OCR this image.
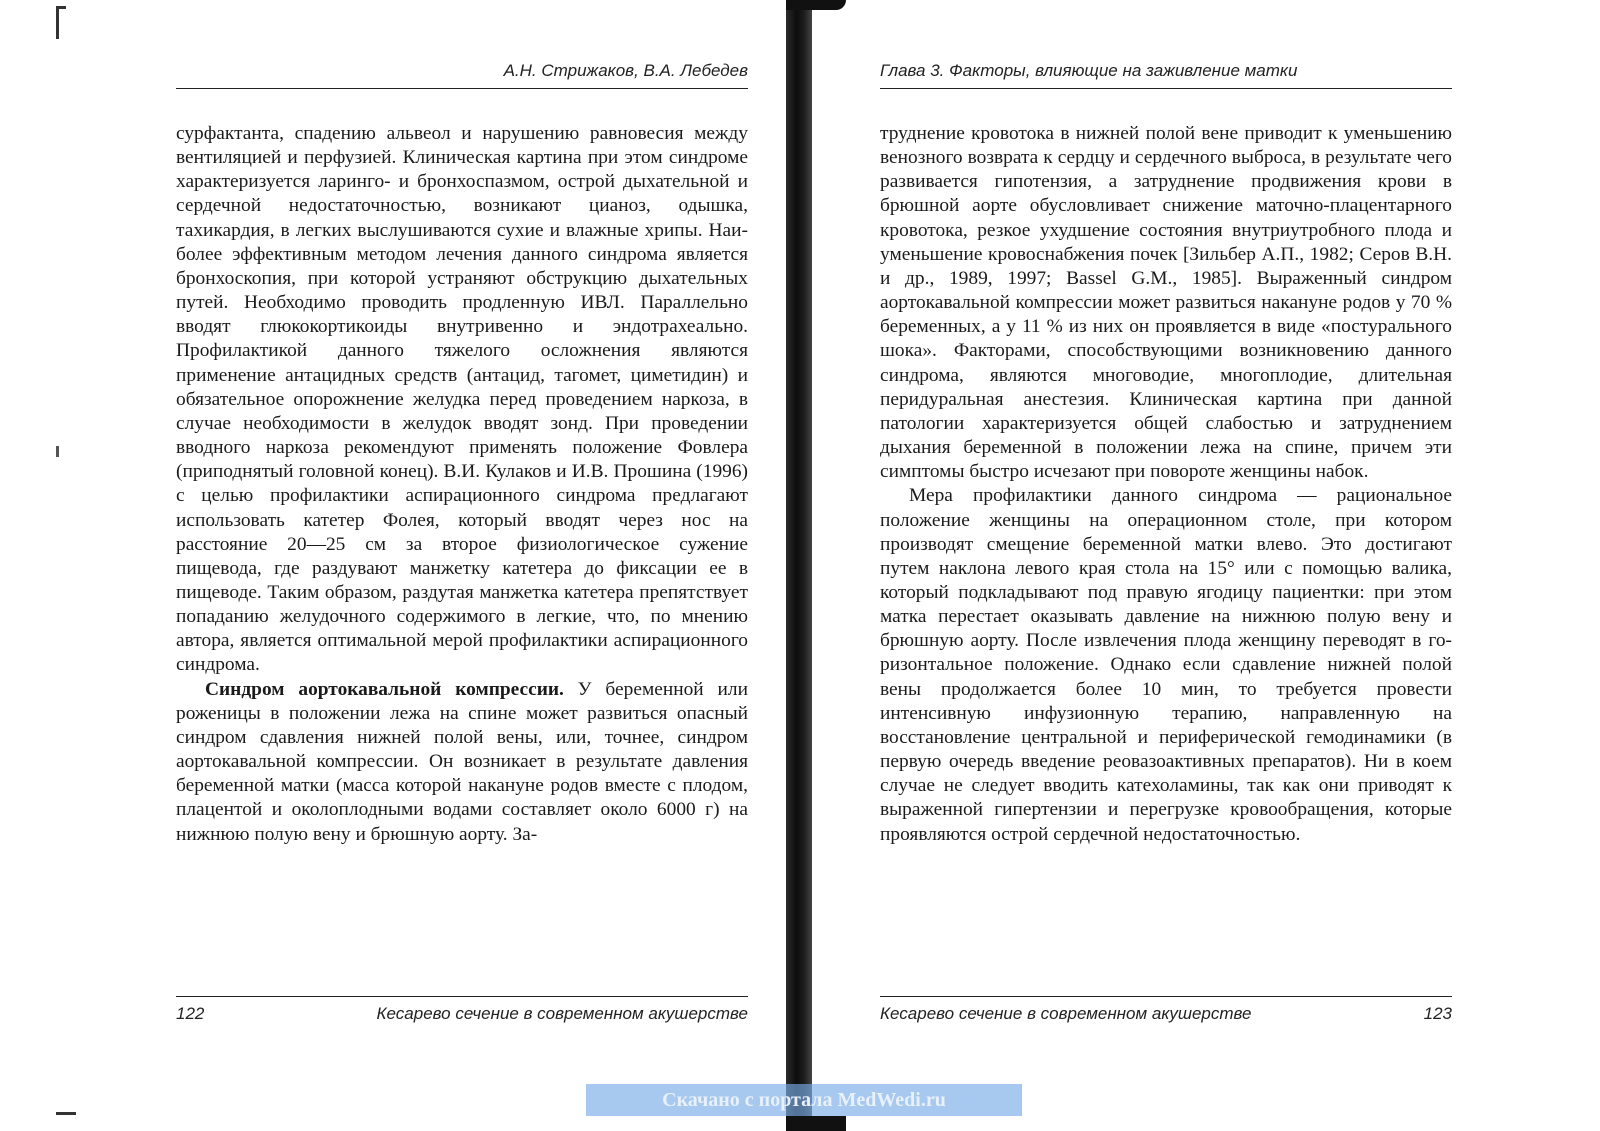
А.Н. Стрижаков, В.А. Лебедев

сурфактанта, спадению альвеол и нарушению равновесия между вентиляцией и перфузией. Клиническая картина при этом синдроме характеризуется ларинго- и бронхоспазмом, острой дыхательной и сердечной недостаточностью, возникают цианоз, одышка, тахикардия, в легких выслушиваются сухие и влажные хрипы. Наиболее эффективным методом лечения данного синдрома является бронхоскопия, при которой устраняют обструкцию дыхательных путей. Необходимо проводить продленную ИВЛ. Параллельно вводят глюкокортикоиды внутривенно и эндотрахеально. Профилактикой данного тяжелого осложнения являются применение антацидных средств (антацид, тагомет, циметидин) и обязательное опорожнение желудка перед проведением наркоза, в случае необходимости в желудок вводят зонд. При проведении вводного наркоза рекомендуют применять положение Фовлера (приподнятый головной конец). В.И. Кулаков и И.В. Прошина (1996) с целью профилактики аспирационного синдрома предлагают использовать катетер Фолея, который вводят через нос на расстояние 20—25 см за второе физиологическое сужение пищевода, где раздувают манжетку катетера до фиксации ее в пищеводе. Таким образом, раздутая манжетка катетера препятствует попаданию желудочного содержимого в легкие, что, по мнению автора, является оптимальной мерой профилактики аспирационного синдрома.

Синдром аортокавальной компрессии. У беременной или роженицы в положении лежа на спине может развиться опасный синдром сдавления нижней полой вены, или, точнее, синдром аортокавальной компрессии. Он возникает в результате давления беременной матки (масса которой накануне родов вместе с плодом, плацентой и околоплодными водами составляет около 6000 г) на нижнюю полую вену и брюшную аорту. За-

122	Кесарево сечение в современном акушерстве
Глава 3. Факторы, влияющие на заживление матки

труднение кровотока в нижней полой вене приводит к уменьшению венозного возврата к сердцу и сердечного выброса, в результате чего развивается гипотензия, а затруднение продвижения крови в брюшной аорте обусловливает снижение маточно-плацентарного кровотока, резкое ухудшение состояния внутриутробного плода и уменьшение кровоснабжения почек [Зильбер А.П., 1982; Серов В.Н. и др., 1989, 1997; Bassel G.M., 1985]. Выраженный синдром аортокавальной компрессии может развиться накануне родов у 70 % беременных, а у 11 % из них он проявляется в виде «постурального шока». Факторами, способствующими возникновению данного синдрома, являются многоводие, многоплодие, длительная перидуральная анестезия. Клиническая картина при данной патологии характеризуется общей слабостью и затруднением дыхания беременной в положении лежа на спине, причем эти симптомы быстро исчезают при повороте женщины набок.

Мера профилактики данного синдрома — рациональное положение женщины на операционном столе, при котором производят смещение беременной матки влево. Это достигают путем наклона левого края стола на 15° или с помощью валика, который подкладывают под правую ягодицу пациентки: при этом матка перестает оказывать давление на нижнюю полую вену и брюшную аорту. После извлечения плода женщину переводят в горизонтальное положение. Однако если сдавление нижней полой вены продолжается более 10 мин, то требуется провести интенсивную инфузионную терапию, направленную на восстановление центральной и периферической гемодинамики (в первую очередь введение реовазоактивных препаратов). Ни в коем случае не следует вводить катехоламины, так как они приводят к выраженной гипертензии и перегрузке кровообращения, которые проявляются острой сердечной недостаточностью.

Кесарево сечение в современном акушерстве	123
Скачано с портала MedWedi.ru
